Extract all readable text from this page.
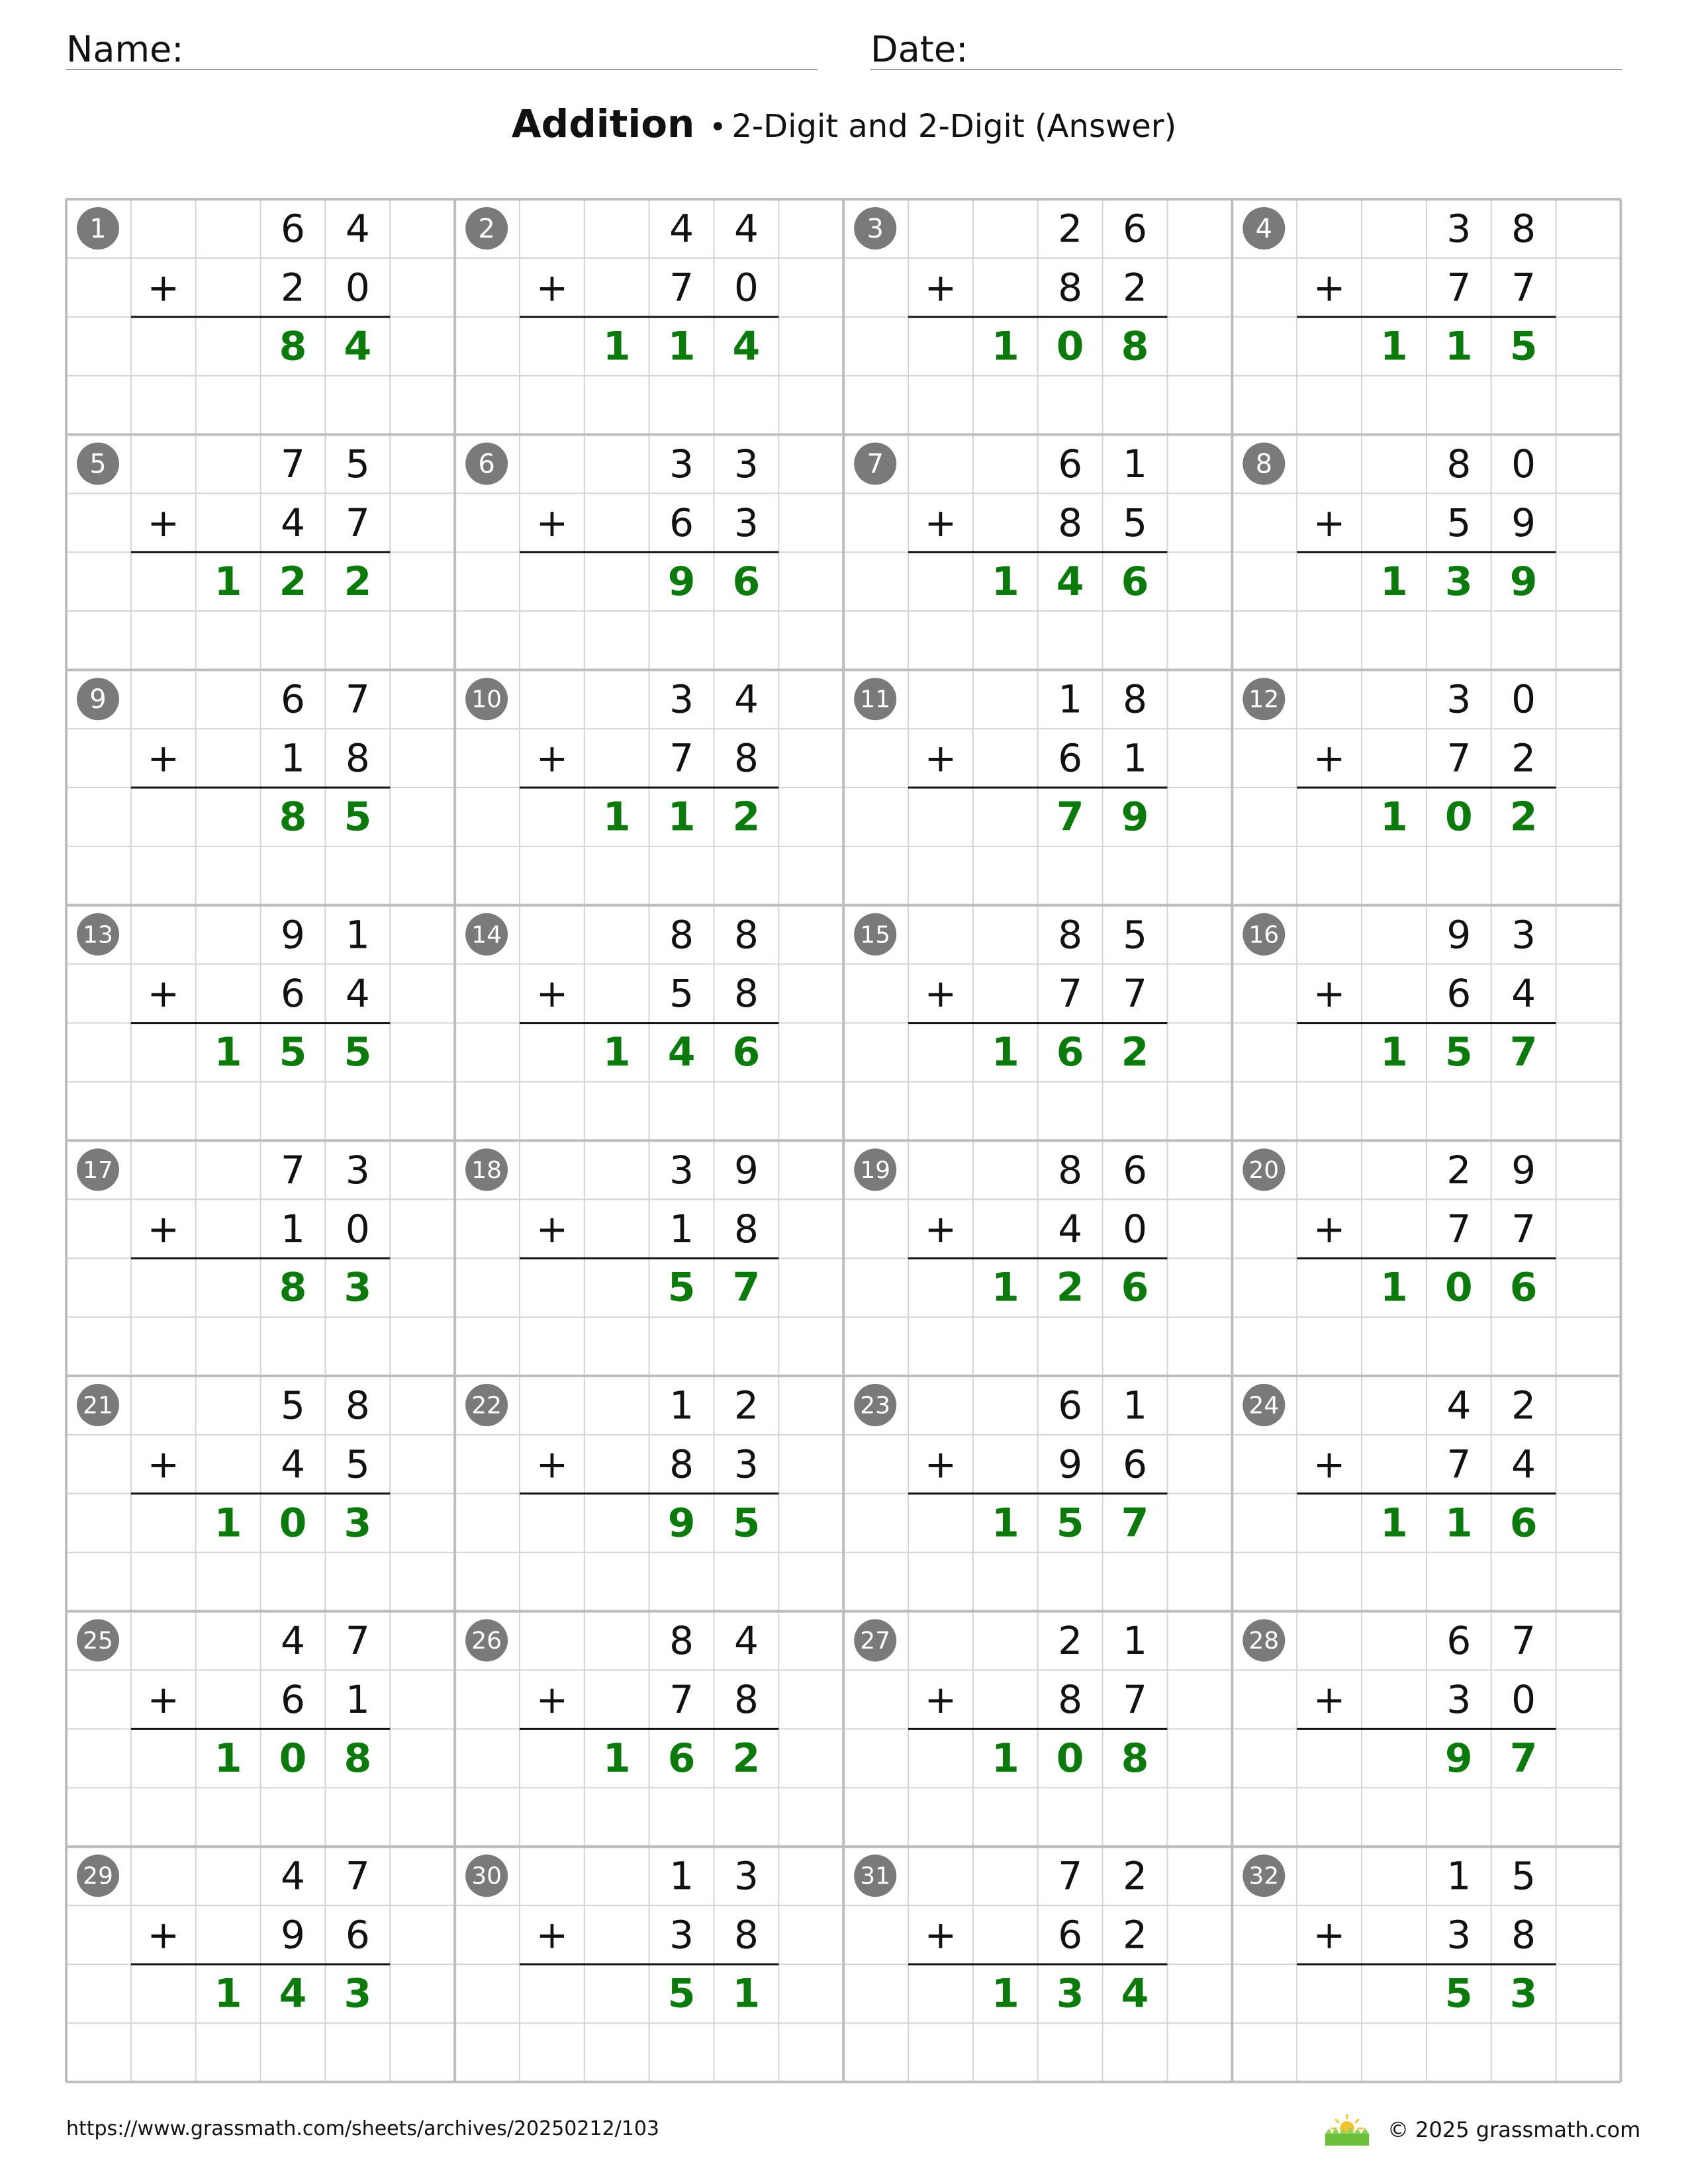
Name:	Date:
Addition • 2-Digit and 2-Digit (Answer)
1	6 4
+	2 0
8 4
2	4 4
+	7 0
1 1 4
3	2 6
+	8 2
1 0 8
4	3 8
+	7 7
1 1 5
5	7 5
+	4 7
1 2 2
6	3 3
+	6 3
9 6
7	6 1
+	8 5
1 4 6
8	8 0
+	5 9
1 3 9
9	6 7
+	1 8
8 5
10	3 4
+	7 8
1 1 2
11	1 8
+	6 1
7 9
12	3 0
+	7 2
1 0 2
13	9 1
+	6 4
1 5 5
14	8 8
+	5 8
1 4 6
15	8 5
+	7 7
1 6 2
16	9 3
+	6 4
1 5 7
17	7 3
+	1 0
8 3
18	3 9
+	1 8
5 7
19	8 6
+	4 0
1 2 6
20	2 9
+	7 7
1 0 6
21	5 8
+	4 5
1 0 3
22	1 2
+	8 3
9 5
23	6 1
+	9 6
1 5 7
24	4 2
+	7 4
1 1 6
25	4 7
+	6 1
1 0 8
26	8 4
+	7 8
1 6 2
27	2 1
+	8 7
1 0 8
28	6 7
+	3 0
9 7
29	4 7
+	9 6
1 4 3
30	1 3
+	3 8
5 1
31	7 2
+	6 2
1 3 4
32	1 5
+	3 8
5 3
https://www.grassmath.com/sheets/archives/20250212/103	© 2025 grassmath.com
